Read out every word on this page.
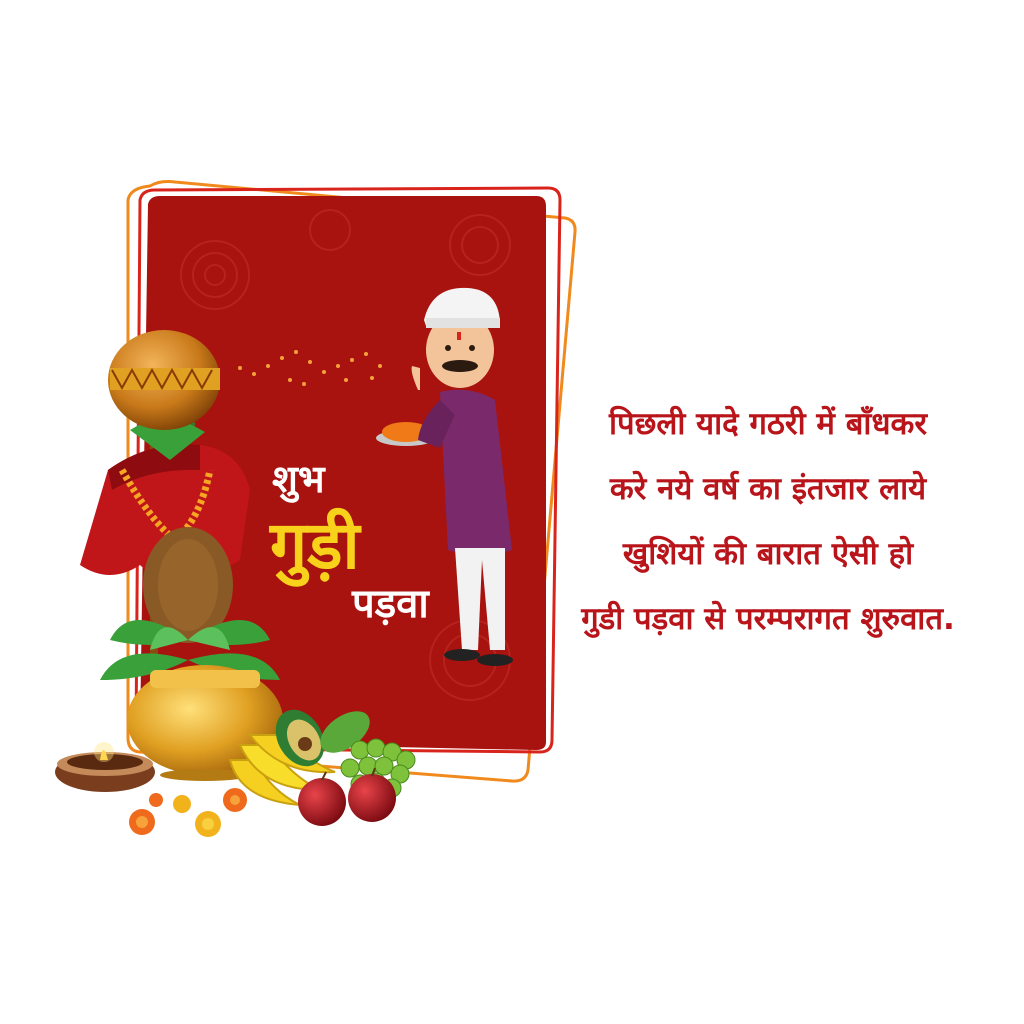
शुभ
गुड़ी
पड़वा
पिछली यादे गठरी में बाँधकर
करे नये वर्ष का इंतजार लाये
खुशियों की बारात ऐसी हो
गुडी पड़वा से परम्परागत शुरुवात.
